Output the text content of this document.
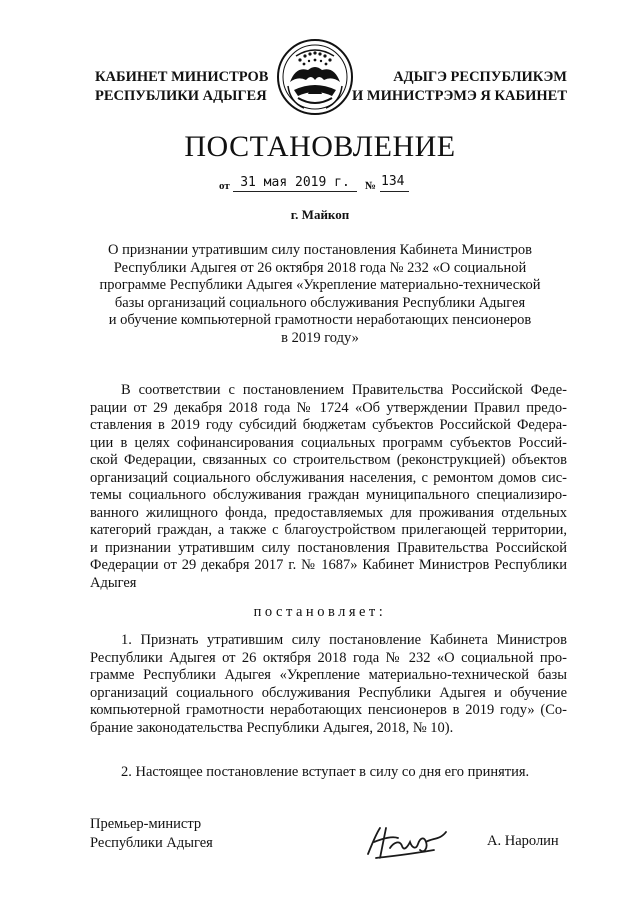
КАБИНЕТ МИНИСТРОВ
РЕСПУБЛИКИ АДЫГЕЯ
АДЫГЭ РЕСПУБЛИКЭМ
И МИНИСТРЭМЭ Я КАБИНЕТ
ПОСТАНОВЛЕНИЕ
от 31 мая 2019 г.	№ 134
г. Майкоп
О признании утратившим силу постановления Кабинета Министров
Республики Адыгея от 26 октября 2018 года № 232 «О социальной
программе Республики Адыгея «Укрепление материально-технической
базы организаций социального обслуживания Республики Адыгея
и обучение компьютерной грамотности неработающих пенсионеров
в 2019 году»
В соответствии с постановлением Правительства Российской Феде-
рации от 29 декабря 2018 года № 1724 «Об утверждении Правил предо-
ставления в 2019 году субсидий бюджетам субъектов Российской Федера-
ции в целях софинансирования социальных программ субъектов Россий-
ской Федерации, связанных со строительством (реконструкцией) объектов
организаций социального обслуживания населения, с ремонтом домов сис-
темы социального обслуживания граждан муниципального специализиро-
ванного жилищного фонда, предоставляемых для проживания отдельных
категорий граждан, а также с благоустройством прилегающей территории,
и признании утратившим силу постановления Правительства Российской
Федерации от 29 декабря 2017 г. № 1687» Кабинет Министров Республики
Адыгея
постановляет:
1. Признать утратившим силу постановление Кабинета Министров
Республики Адыгея от 26 октября 2018 года № 232 «О социальной про-
грамме Республики Адыгея «Укрепление материально-технической базы
организаций социального обслуживания Республики Адыгея и обучение
компьютерной грамотности неработающих пенсионеров в 2019 году» (Со-
брание законодательства Республики Адыгея, 2018, № 10).
2. Настоящее постановление вступает в силу со дня его принятия.
Премьер-министр
Республики Адыгея	А. Наролин
